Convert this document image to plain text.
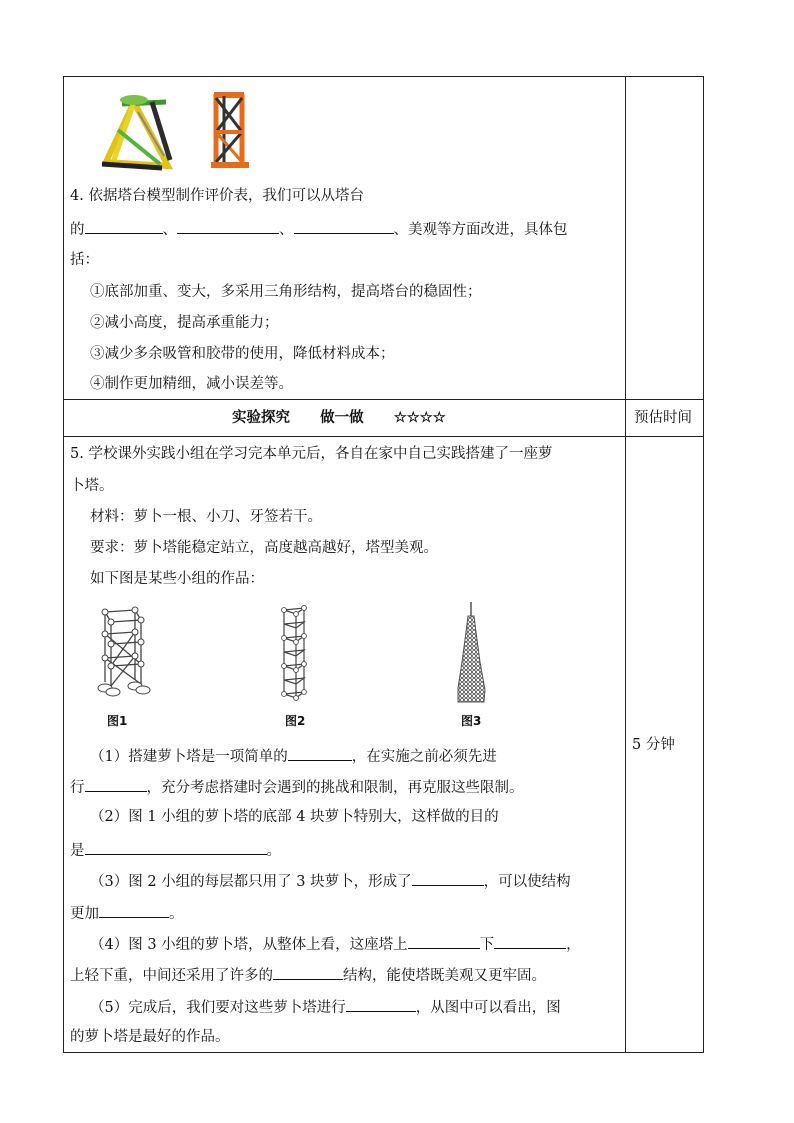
4. 依据塔台模型制作评价表，我们可以从塔台
的	、	、	、美观等方面改进，具体包
括：
①底部加重、变大，多采用三角形结构，提高塔台的稳固性；
②减小高度，提高承重能力；
③减少多余吸管和胶带的使用，降低材料成本；
④制作更加精细，减小误差等。
实验探究 做一做 ☆☆☆☆	预估时间
5. 学校课外实践小组在学习完本单元后，各自在家中自己实践搭建了一座萝
卜塔。
材料：萝卜一根、小刀、牙签若干。
要求：萝卜塔能稳定站立，高度越高越好，塔型美观。
如下图是某些小组的作品：
图1	图2	图3
（1）搭建萝卜塔是一项简单的	，在实施之前必须先进
行	，充分考虑搭建时会遇到的挑战和限制，再克服这些限制。
（2）图 1 小组的萝卜塔的底部 4 块萝卜特别大，这样做的目的
是	。
（3）图 2 小组的每层都只用了 3 块萝卜，形成了	，可以使结构
更加	。
（4）图 3 小组的萝卜塔，从整体上看，这座塔上	下	，
上轻下重，中间还采用了许多的	结构，能使塔既美观又更牢固。
（5）完成后，我们要对这些萝卜塔进行	，从图中可以看出，图
的萝卜塔是最好的作品。
5 分钟
